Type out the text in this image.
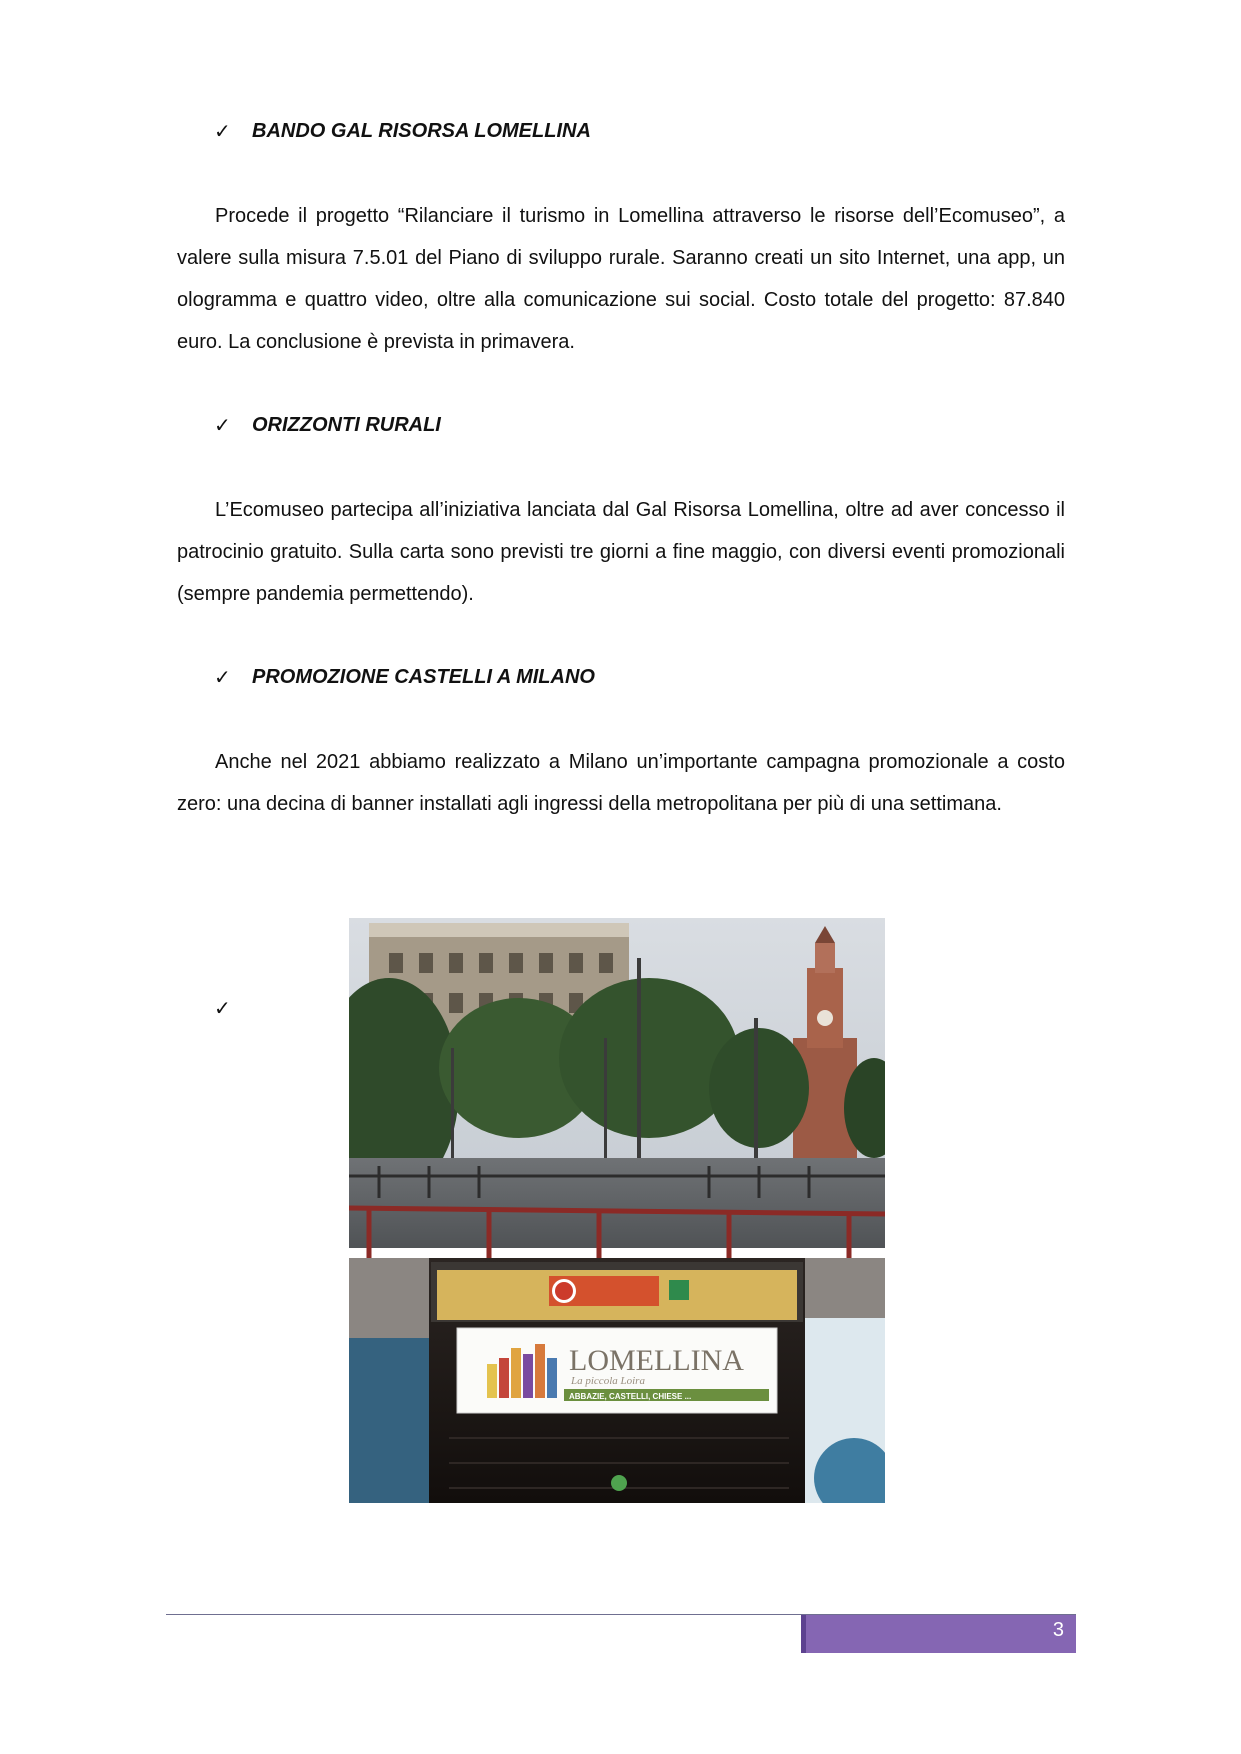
✓	BANDO GAL RISORSA LOMELLINA

Procede il progetto “Rilanciare il turismo in Lomellina attraverso le risorse dell’Ecomuseo”, a valere sulla misura 7.5.01 del Piano di sviluppo rurale. Saranno creati un sito Internet, una app, un ologramma e quattro video, oltre alla comunicazione sui social. Costo totale del progetto: 87.840 euro. La conclusione è prevista in primavera.

✓	ORIZZONTI RURALI

L’Ecomuseo partecipa all’iniziativa lanciata dal Gal Risorsa Lomellina, oltre ad aver concesso il patrocinio gratuito. Sulla carta sono previsti tre giorni a fine maggio, con diversi eventi promozionali (sempre pandemia permettendo).

✓	PROMOZIONE CASTELLI A MILANO

Anche nel 2021 abbiamo realizzato a Milano un’importante campagna promozionale a costo zero: una decina di banner installati agli ingressi della metropolitana per più di una settimana.

✓
LOMELLINA
La piccola Loira
ABBAZIE, CASTELLI, CHIESE ...
3
